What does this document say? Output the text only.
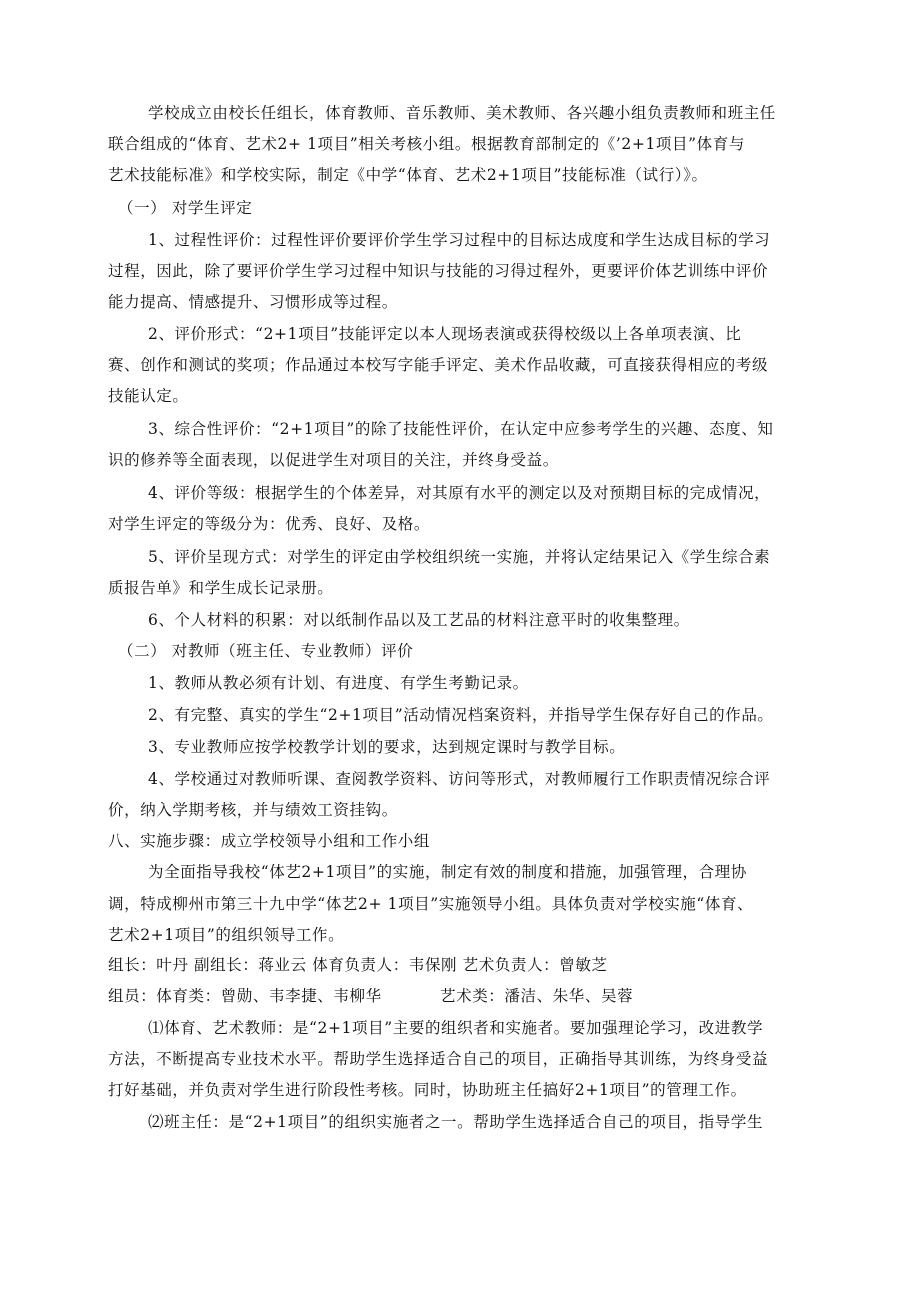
学校成立由校长任组长，体育教师、音乐教师、美术教师、各兴趣小组负责教师和班主任
联合组成的“体育、艺术2+ 1项目”相关考核小组。根据教育部制定的《’2+1项目”体育与
艺术技能标准》和学校实际，制定《中学“体育、艺术2+1项目”技能标准（试行）》。
（一） 对学生评定
1、过程性评价：过程性评价要评价学生学习过程中的目标达成度和学生达成目标的学习
过程，因此，除了要评价学生学习过程中知识与技能的习得过程外，更要评价体艺训练中评价
能力提高、情感提升、习惯形成等过程。
2、评价形式：“2+1项目”技能评定以本人现场表演或获得校级以上各单项表演、比
赛、创作和测试的奖项；作品通过本校写字能手评定、美术作品收藏，可直接获得相应的考级
技能认定。
3、综合性评价：“2+1项目”的除了技能性评价，在认定中应参考学生的兴趣、态度、知
识的修养等全面表现，以促进学生对项目的关注，并终身受益。
4、评价等级：根据学生的个体差异，对其原有水平的测定以及对预期目标的完成情况，
对学生评定的等级分为：优秀、良好、及格。
5、评价呈现方式：对学生的评定由学校组织统一实施，并将认定结果记入《学生综合素
质报告单》和学生成长记录册。
6、个人材料的积累：对以纸制作品以及工艺品的材料注意平时的收集整理。
（二） 对教师（班主任、专业教师）评价
1、教师从教必须有计划、有进度、有学生考勤记录。
2、有完整、真实的学生“2+1项目”活动情况档案资料，并指导学生保存好自己的作品。
3、专业教师应按学校教学计划的要求，达到规定课时与教学目标。
4、学校通过对教师听课、查阅教学资料、访问等形式，对教师履行工作职责情况综合评
价，纳入学期考核，并与绩效工资挂钩。
八、实施步骤：成立学校领导小组和工作小组
为全面指导我校“体艺2+1项目”的实施，制定有效的制度和措施，加强管理，合理协
调，特成柳州市第三十九中学“体艺2+ 1项目”实施领导小组。具体负责对学校实施“体育、
艺术2+1项目”的组织领导工作。
组长：叶丹 副组长：蒋业云 体育负责人：韦保刚 艺术负责人：曾敏芝
组员：体育类：曾勋、韦李捷、韦柳华	艺术类：潘洁、朱华、吴蓉
⑴体育、艺术教师：是“2+1项目”主要的组织者和实施者。要加强理论学习，改进教学
方法，不断提高专业技术水平。帮助学生选择适合自己的项目，正确指导其训练，为终身受益
打好基础，并负责对学生进行阶段性考核。同时，协助班主任搞好2+1项目”的管理工作。
⑵班主任：是“2+1项目”的组织实施者之一。帮助学生选择适合自己的项目，指导学生
